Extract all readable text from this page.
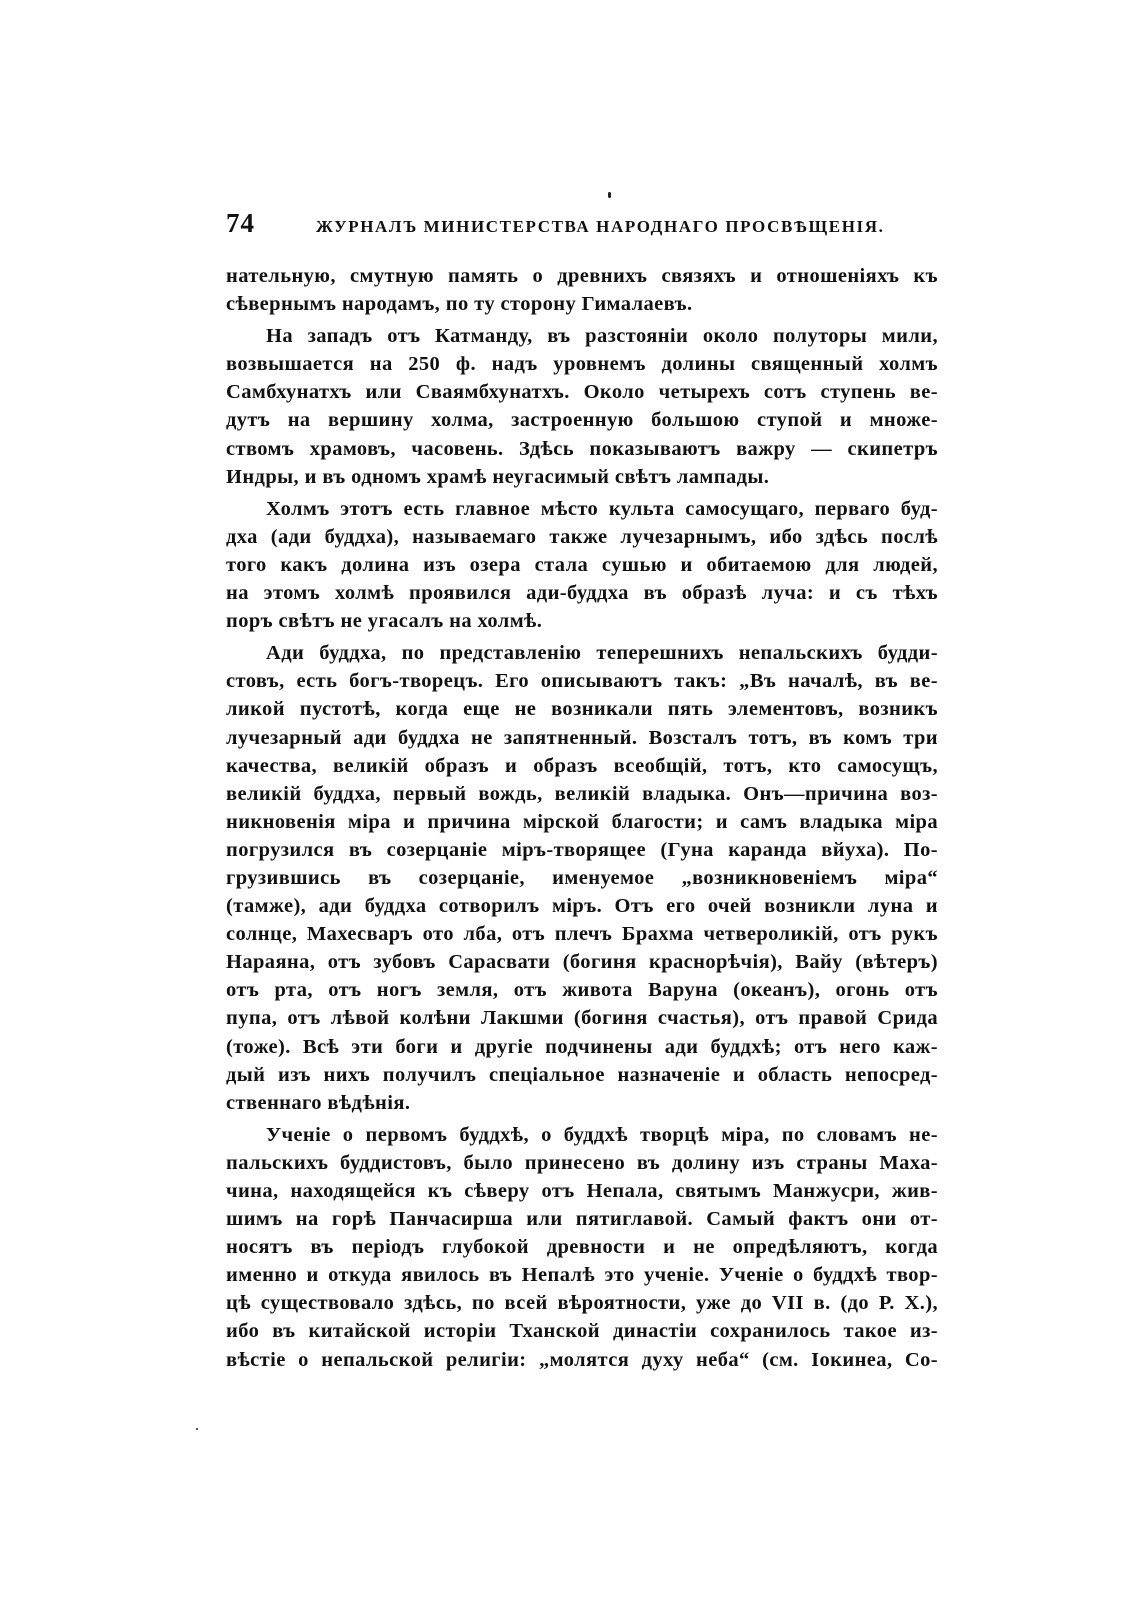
74	ЖУРНАЛЪ МИНИСТЕРСТВА НАРОДНАГО ПРОСВѢЩЕНІЯ.
нательную, смутную память о древнихъ связяхъ и отношеніяхъ къ
сѣвернымъ народамъ, по ту сторону Гималаевъ.
На западъ отъ Катманду, въ разстояніи около полуторы мили,
возвышается на 250 ф. надъ уровнемъ долины священный холмъ
Самбхунатхъ или Сваямбхунатхъ. Около четырехъ сотъ ступень ве-
дутъ на вершину холма, застроенную большою ступой и множе-
ствомъ храмовъ, часовень. Здѣсь показываютъ важру — скипетръ
Индры, и въ одномъ храмѣ неугасимый свѣтъ лампады.
Холмъ этотъ есть главное мѣсто культа самосущаго, перваго буд-
дха (ади буддха), называемаго также лучезарнымъ, ибо здѣсь послѣ
того какъ долина изъ озера стала сушью и обитаемою для людей,
на этомъ холмѣ проявился ади-буддха въ образѣ луча: и съ тѣхъ
поръ свѣтъ не угасалъ на холмѣ.
Ади буддха, по представленію теперешнихъ непальскихъ будди-
стовъ, есть богъ-творецъ. Его описываютъ такъ: „Въ началѣ, въ ве-
ликой пустотѣ, когда еще не возникали пять элементовъ, возникъ
лучезарный ади буддха не запятненный. Возсталъ тотъ, въ комъ три
качества, великій образъ и образъ всеобщій, тотъ, кто самосущъ,
великій буддха, первый вождь, великій владыка. Онъ—причина воз-
никновенія міра и причина мірской благости; и самъ владыка міра
погрузился въ созерцаніе міръ-творящее (Гуна каранда вйуха). По-
грузившись въ созерцаніе, именуемое „возникновеніемъ міра“
(тамже), ади буддха сотворилъ міръ. Отъ его очей возникли луна и
солнце, Махесваръ ото лба, отъ плечъ Брахма четвероликій, отъ рукъ
Нараяна, отъ зубовъ Сарасвати (богиня краснорѣчія), Вайу (вѣтеръ)
отъ рта, отъ ногъ земля, отъ живота Варуна (океанъ), огонь отъ
пупа, отъ лѣвой колѣни Лакшми (богиня счастья), отъ правой Срида
(тоже). Всѣ эти боги и другіе подчинены ади буддхѣ; отъ него каж-
дый изъ нихъ получилъ спеціальное назначеніе и область непосред-
ственнаго вѣдѣнія.
Ученіе о первомъ буддхѣ, о буддхѣ творцѣ міра, по словамъ не-
пальскихъ буддистовъ, было принесено въ долину изъ страны Маха-
чина, находящейся къ сѣверу отъ Непала, святымъ Манжусри, жив-
шимъ на горѣ Панчасирша или пятиглавой. Самый фактъ они от-
носятъ въ періодъ глубокой древности и не опредѣляютъ, когда
именно и откуда явилось въ Непалѣ это ученіе. Ученіе о буддхѣ твор-
цѣ существовало здѣсь, по всей вѣроятности, уже до VII в. (до Р. Х.),
ибо въ китайской исторіи Тханской династіи сохранилось такое из-
вѣстіе о непальской религіи: „молятся духу неба“ (см. Іокинеа, Со-
